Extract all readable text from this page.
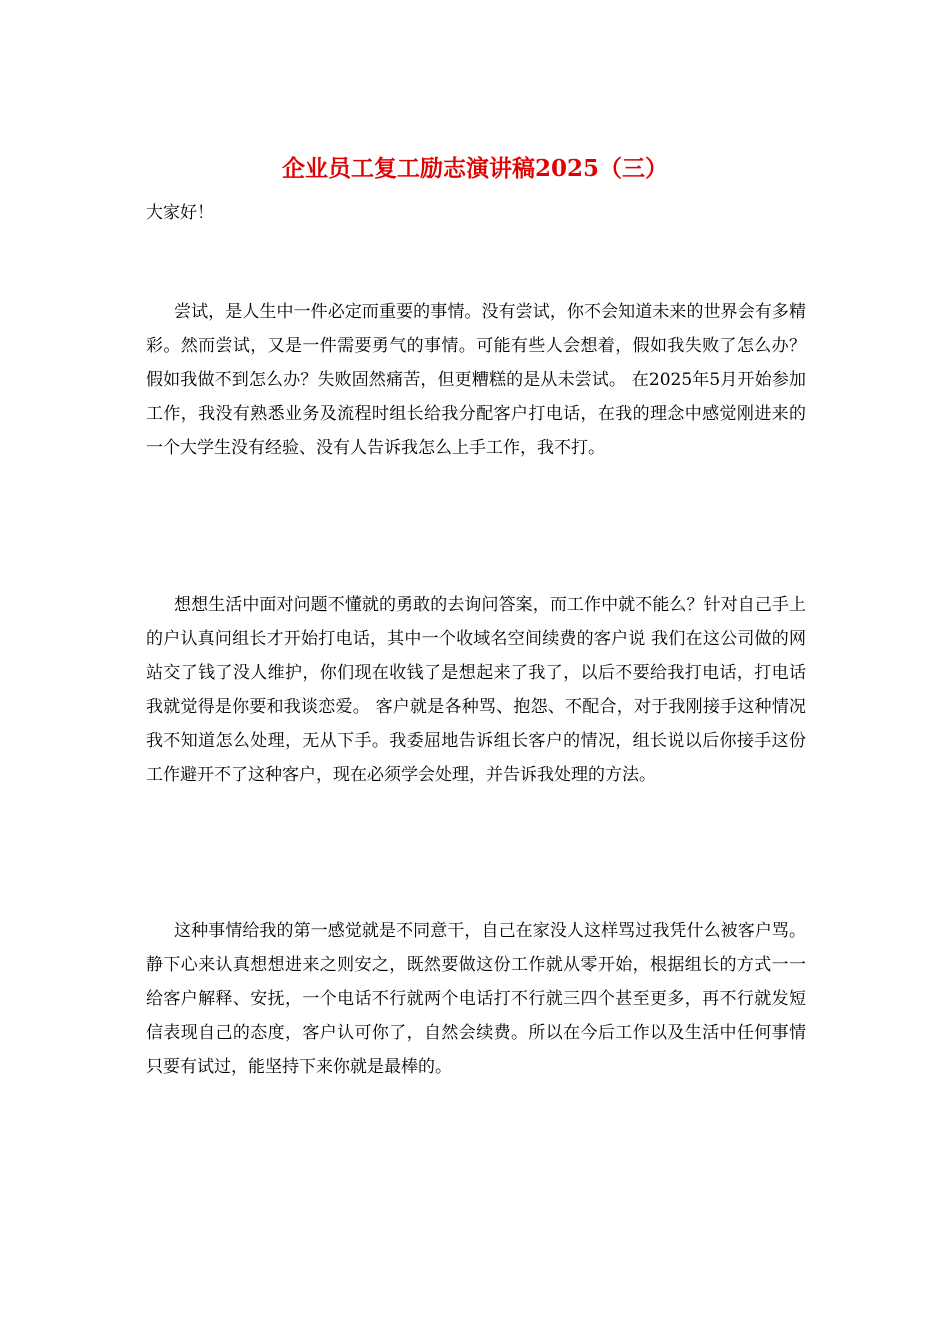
企业员工复工励志演讲稿2025（三）
大家好！

尝试，是人生中一件必定而重要的事情。没有尝试，你不会知道未来的世界会有多精彩。然而尝试，又是一件需要勇气的事情。可能有些人会想着，假如我失败了怎么办？假如我做不到怎么办？失败固然痛苦，但更糟糕的是从未尝试。 在2025年5月开始参加工作，我没有熟悉业务及流程时组长给我分配客户打电话，在我的理念中感觉刚进来的一个大学生没有经验、没有人告诉我怎么上手工作，我不打。

想想生活中面对问题不懂就的勇敢的去询问答案，而工作中就不能么？针对自己手上的户认真问组长才开始打电话，其中一个收域名空间续费的客户说 我们在这公司做的网站交了钱了没人维护，你们现在收钱了是想起来了我了，以后不要给我打电话，打电话我就觉得是你要和我谈恋爱。 客户就是各种骂、抱怨、不配合，对于我刚接手这种情况我不知道怎么处理，无从下手。我委屈地告诉组长客户的情况，组长说以后你接手这份工作避开不了这种客户，现在必须学会处理，并告诉我处理的方法。

这种事情给我的第一感觉就是不同意干，自己在家没人这样骂过我凭什么被客户骂。静下心来认真想想进来之则安之，既然要做这份工作就从零开始，根据组长的方式一一给客户解释、安抚，一个电话不行就两个电话打不行就三四个甚至更多，再不行就发短信表现自己的态度，客户认可你了，自然会续费。所以在今后工作以及生活中任何事情只要有试过，能坚持下来你就是最棒的。
